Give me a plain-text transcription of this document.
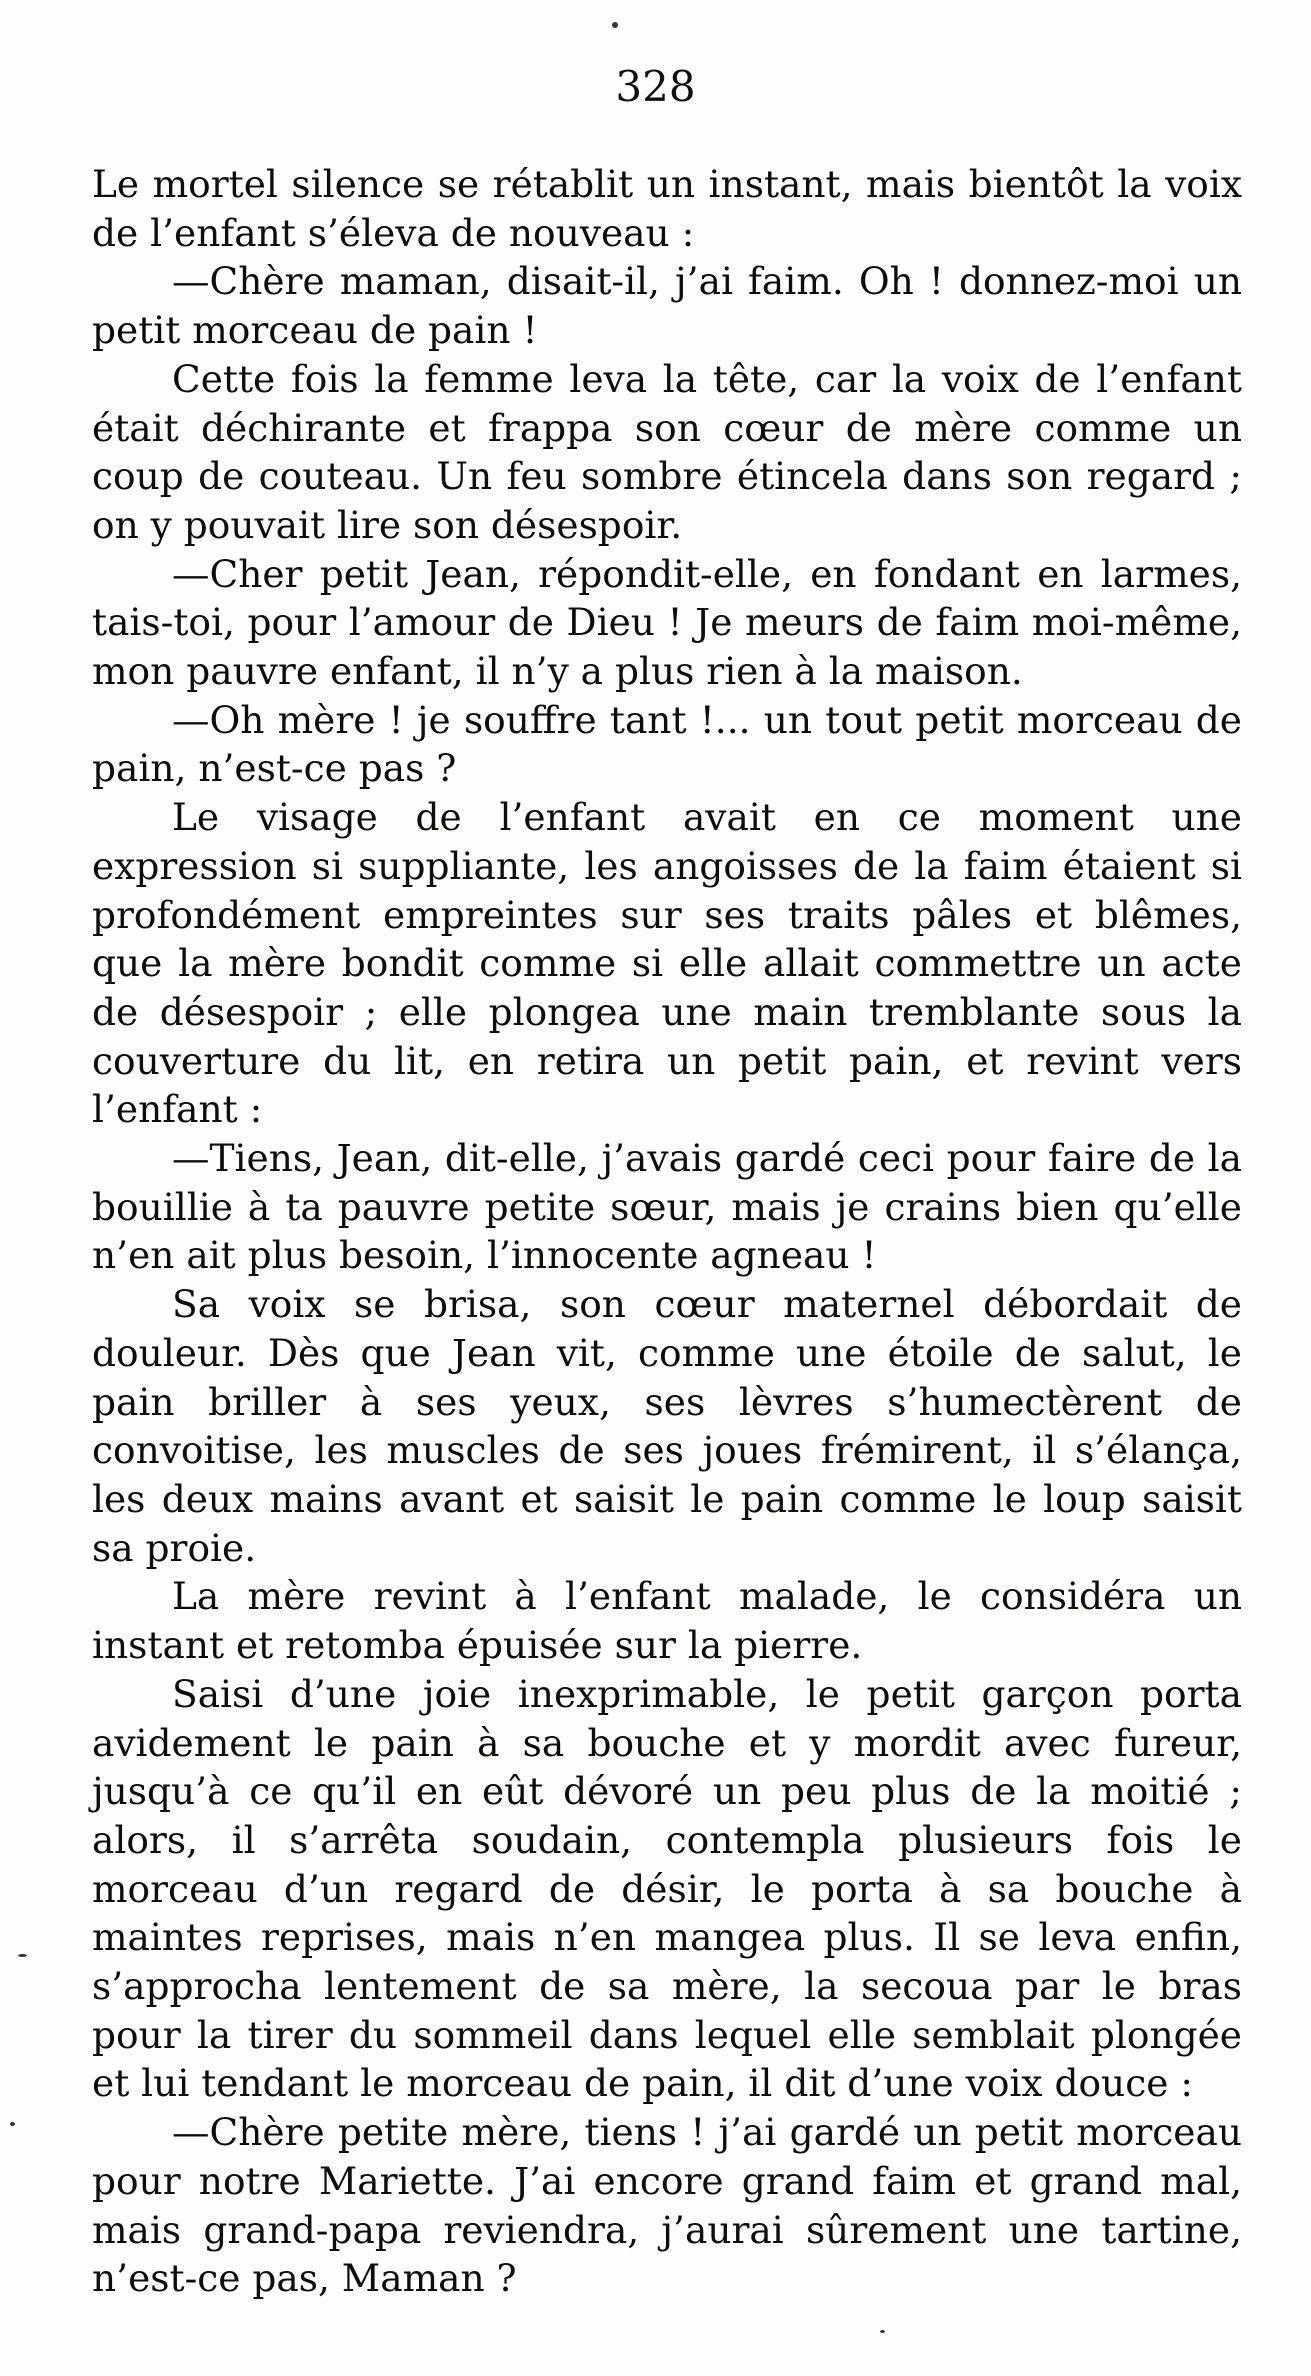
328

Le mortel silence se rétablit un instant, mais bientôt la voix de l’enfant s’éleva de nouveau :

—Chère maman, disait-il, j’ai faim. Oh ! donnez-moi un petit morceau de pain !

Cette fois la femme leva la tête, car la voix de l’enfant était déchirante et frappa son cœur de mère comme un coup de couteau. Un feu sombre étincela dans son regard ; on y pouvait lire son désespoir.

—Cher petit Jean, répondit-elle, en fondant en larmes, tais-toi, pour l’amour de Dieu ! Je meurs de faim moi-même, mon pauvre enfant, il n’y a plus rien à la maison.

—Oh mère ! je souffre tant !... un tout petit morceau de pain, n’est-ce pas ?

Le visage de l’enfant avait en ce moment une expression si suppliante, les angoisses de la faim étaient si profondément empreintes sur ses traits pâles et blêmes, que la mère bondit comme si elle allait commettre un acte de désespoir ; elle plongea une main tremblante sous la couverture du lit, en retira un petit pain, et revint vers l’enfant :

—Tiens, Jean, dit-elle, j’avais gardé ceci pour faire de la bouillie à ta pauvre petite sœur, mais je crains bien qu’elle n’en ait plus besoin, l’innocente agneau !

Sa voix se brisa, son cœur maternel débordait de douleur. Dès que Jean vit, comme une étoile de salut, le pain briller à ses yeux, ses lèvres s’humectèrent de convoitise, les muscles de ses joues frémirent, il s’élança, les deux mains avant et saisit le pain comme le loup saisit sa proie.

La mère revint à l’enfant malade, le considéra un instant et retomba épuisée sur la pierre.

Saisi d’une joie inexprimable, le petit garçon porta avidement le pain à sa bouche et y mordit avec fureur, jusqu’à ce qu’il en eût dévoré un peu plus de la moitié ; alors, il s’arrêta soudain, contempla plusieurs fois le morceau d’un regard de désir, le porta à sa bouche à maintes reprises, mais n’en mangea plus. Il se leva enfin, s’approcha lentement de sa mère, la secoua par le bras pour la tirer du sommeil dans lequel elle semblait plongée et lui tendant le morceau de pain, il dit d’une voix douce :

—Chère petite mère, tiens ! j’ai gardé un petit morceau pour notre Mariette. J’ai encore grand faim et grand mal, mais grand-papa reviendra, j’aurai sûrement une tartine, n’est-ce pas, Maman ?
